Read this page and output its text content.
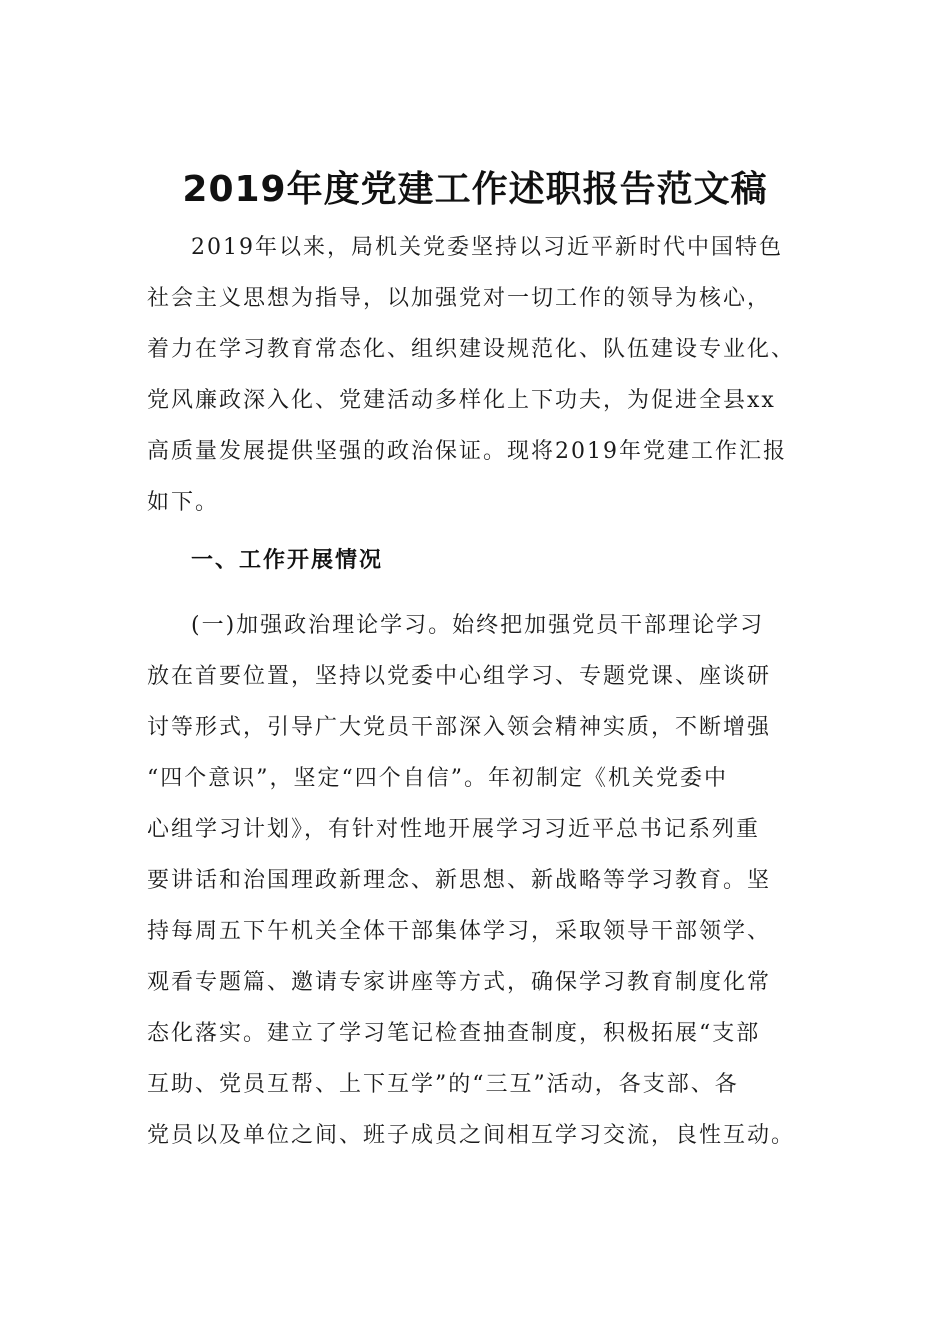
2019年度党建工作述职报告范文稿
2019年以来，局机关党委坚持以习近平新时代中国特色
社会主义思想为指导，以加强党对一切工作的领导为核心，
着力在学习教育常态化、组织建设规范化、队伍建设专业化、
党风廉政深入化、党建活动多样化上下功夫，为促进全县xx
高质量发展提供坚强的政治保证。现将2019年党建工作汇报
如下。
一、工作开展情况
(一)加强政治理论学习。始终把加强党员干部理论学习
放在首要位置，坚持以党委中心组学习、专题党课、座谈研
讨等形式，引导广大党员干部深入领会精神实质，不断增强
“四个意识”，坚定“四个自信”。年初制定《机关党委中
心组学习计划》，有针对性地开展学习习近平总书记系列重
要讲话和治国理政新理念、新思想、新战略等学习教育。坚
持每周五下午机关全体干部集体学习，采取领导干部领学、
观看专题篇、邀请专家讲座等方式，确保学习教育制度化常
态化落实。建立了学习笔记检查抽查制度，积极拓展“支部
互助、党员互帮、上下互学”的“三互”活动，各支部、各
党员以及单位之间、班子成员之间相互学习交流，良性互动。
